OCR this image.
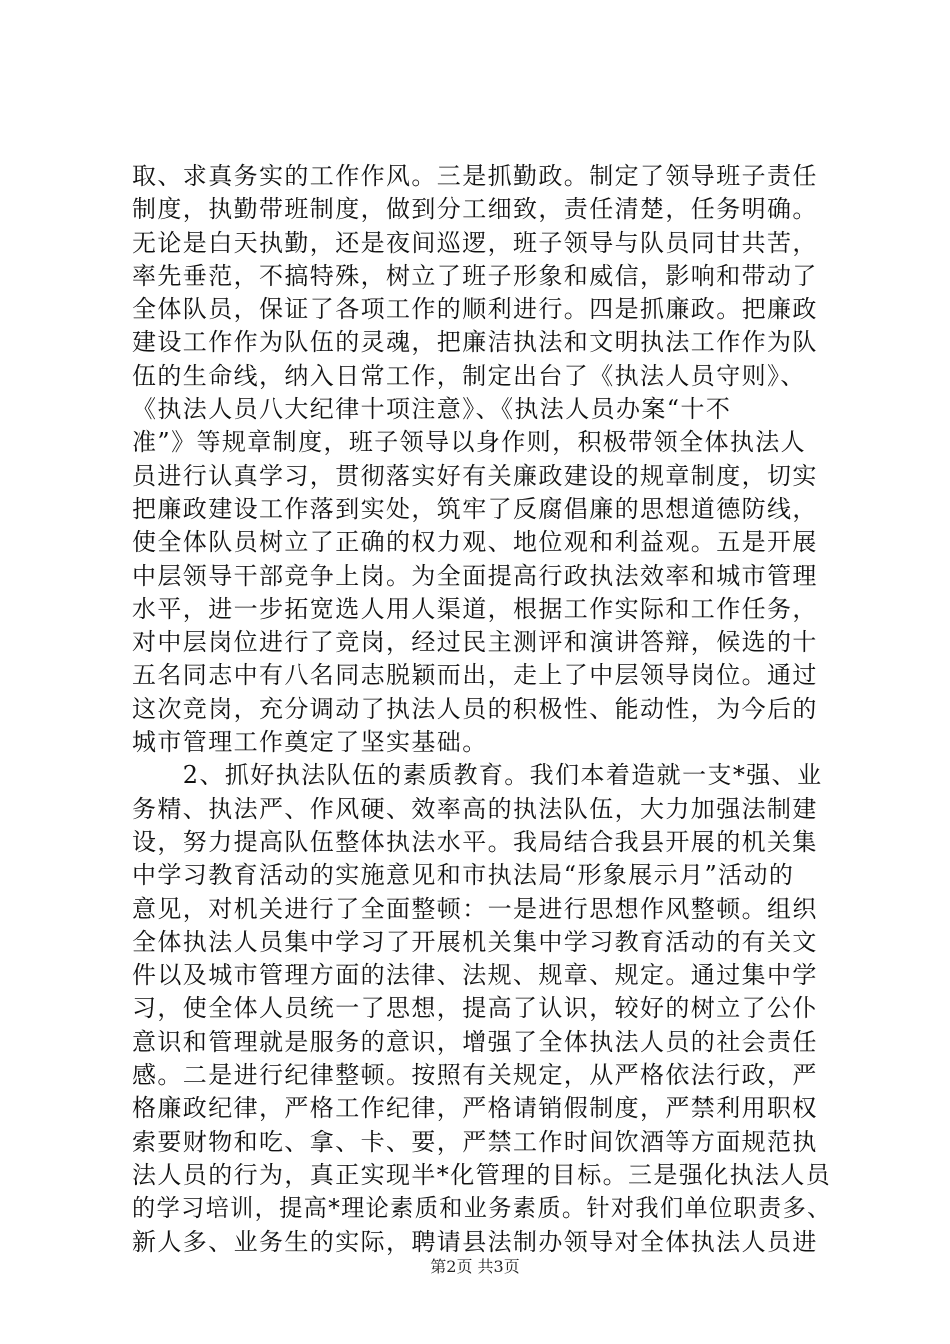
取、求真务实的工作作风。三是抓勤政。制定了领导班子责任
制度，执勤带班制度，做到分工细致，责任清楚，任务明确。
无论是白天执勤，还是夜间巡逻，班子领导与队员同甘共苦，
率先垂范，不搞特殊，树立了班子形象和威信，影响和带动了
全体队员，保证了各项工作的顺利进行。四是抓廉政。把廉政
建设工作作为队伍的灵魂，把廉洁执法和文明执法工作作为队
伍的生命线，纳入日常工作，制定出台了《执法人员守则》、
《执法人员八大纪律十项注意》、《执法人员办案“十不
准”》等规章制度，班子领导以身作则，积极带领全体执法人
员进行认真学习，贯彻落实好有关廉政建设的规章制度，切实
把廉政建设工作落到实处，筑牢了反腐倡廉的思想道德防线，
使全体队员树立了正确的权力观、地位观和利益观。五是开展
中层领导干部竞争上岗。为全面提高行政执法效率和城市管理
水平，进一步拓宽选人用人渠道，根据工作实际和工作任务，
对中层岗位进行了竞岗，经过民主测评和演讲答辩，候选的十
五名同志中有八名同志脱颖而出，走上了中层领导岗位。通过
这次竞岗，充分调动了执法人员的积极性、能动性，为今后的
城市管理工作奠定了坚实基础。
　　2、抓好执法队伍的素质教育。我们本着造就一支*强、业
务精、执法严、作风硬、效率高的执法队伍，大力加强法制建
设，努力提高队伍整体执法水平。我局结合我县开展的机关集
中学习教育活动的实施意见和市执法局“形象展示月”活动的
意见，对机关进行了全面整顿：一是进行思想作风整顿。组织
全体执法人员集中学习了开展机关集中学习教育活动的有关文
件以及城市管理方面的法律、法规、规章、规定。通过集中学
习，使全体人员统一了思想，提高了认识，较好的树立了公仆
意识和管理就是服务的意识，增强了全体执法人员的社会责任
感。二是进行纪律整顿。按照有关规定，从严格依法行政，严
格廉政纪律，严格工作纪律，严格请销假制度，严禁利用职权
索要财物和吃、拿、卡、要，严禁工作时间饮酒等方面规范执
法人员的行为，真正实现半*化管理的目标。三是强化执法人员
的学习培训，提高*理论素质和业务素质。针对我们单位职责多、
新人多、业务生的实际，聘请县法制办领导对全体执法人员进
第2页 共3页
